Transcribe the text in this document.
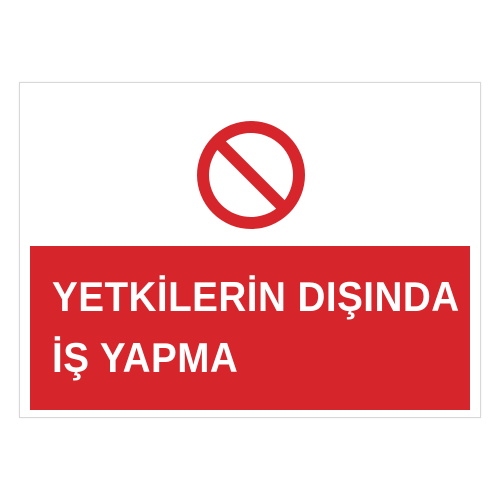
YETKİLERİN DIŞINDA
İŞ YAPMA
